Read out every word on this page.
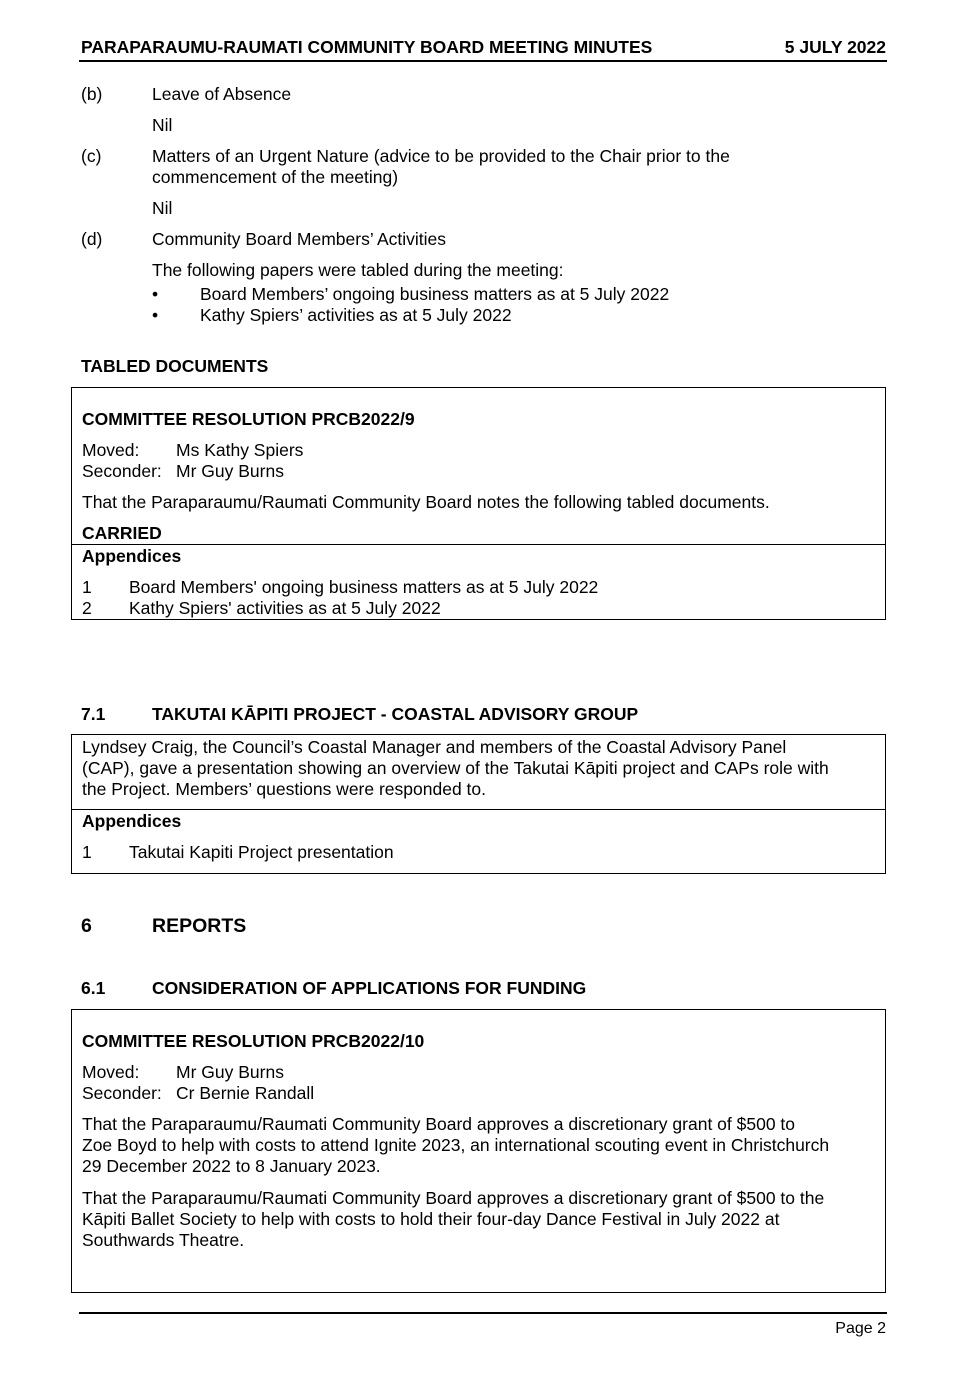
PARAPARAUMU-RAUMATI COMMUNITY BOARD MEETING MINUTES	5 JULY 2022
(b)	Leave of Absence
Nil
(c)	Matters of an Urgent Nature (advice to be provided to the Chair prior to the
commencement of the meeting)
Nil
(d)	Community Board Members’ Activities
The following papers were tabled during the meeting:
• Board Members’ ongoing business matters as at 5 July 2022
• Kathy Spiers’ activities as at 5 July 2022
TABLED DOCUMENTS
COMMITTEE RESOLUTION PRCB2022/9
Moved: Ms Kathy Spiers
Seconder: Mr Guy Burns
That the Paraparaumu/Raumati Community Board notes the following tabled documents.
CARRIED
Appendices
1 Board Members' ongoing business matters as at 5 July 2022
2 Kathy Spiers' activities as at 5 July 2022
7.1	TAKUTAI KĀPITI PROJECT - COASTAL ADVISORY GROUP
Lyndsey Craig, the Council’s Coastal Manager and members of the Coastal Advisory Panel
(CAP), gave a presentation showing an overview of the Takutai Kāpiti project and CAPs role with
the Project. Members’ questions were responded to.
Appendices
1 Takutai Kapiti Project presentation
6	REPORTS
6.1	CONSIDERATION OF APPLICATIONS FOR FUNDING
COMMITTEE RESOLUTION PRCB2022/10
Moved: Mr Guy Burns
Seconder: Cr Bernie Randall
That the Paraparaumu/Raumati Community Board approves a discretionary grant of $500 to
Zoe Boyd to help with costs to attend Ignite 2023, an international scouting event in Christchurch
29 December 2022 to 8 January 2023.
That the Paraparaumu/Raumati Community Board approves a discretionary grant of $500 to the
Kāpiti Ballet Society to help with costs to hold their four-day Dance Festival in July 2022 at
Southwards Theatre.
Page 2
